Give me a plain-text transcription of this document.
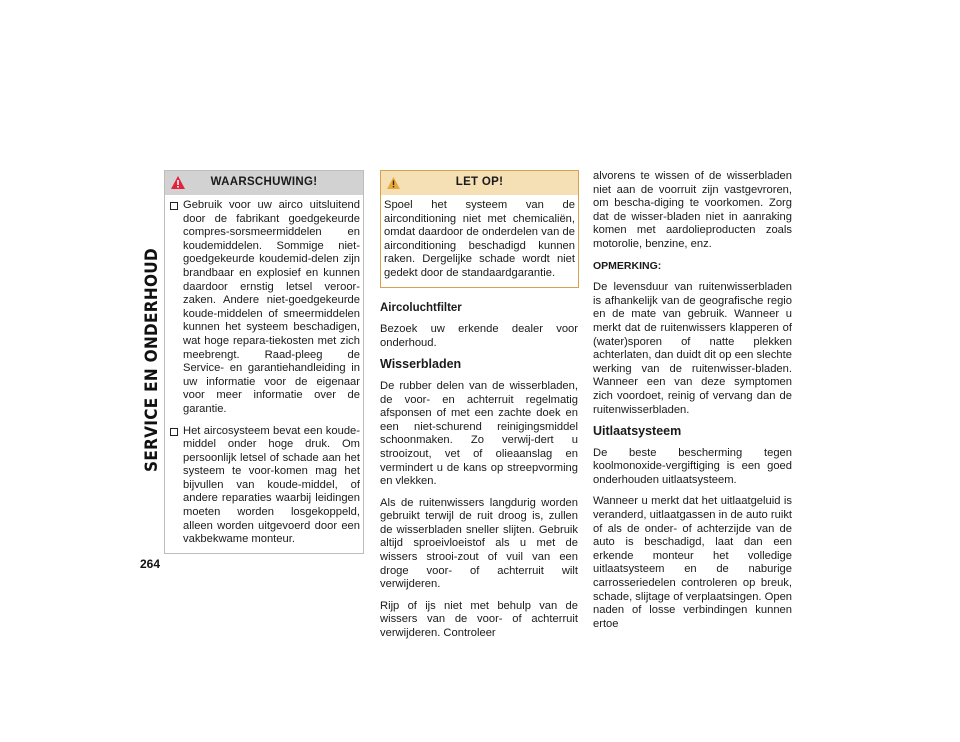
SERVICE EN ONDERHOUD
264
WAARSCHUWING!
Gebruik voor uw airco uitsluitend door de fabrikant goedgekeurde compres-sorsmeermiddelen en koudemiddelen. Sommige niet-goedgekeurde koudemid-delen zijn brandbaar en explosief en kunnen daardoor ernstig letsel veroor-zaken. Andere niet-goedgekeurde koude-middelen of smeermiddelen kunnen het systeem beschadigen, wat hoge repara-tiekosten met zich meebrengt. Raad-pleeg de Service- en garantiehandleiding in uw informatie voor de eigenaar voor meer informatie over de garantie.
Het aircosysteem bevat een koude-middel onder hoge druk. Om persoonlijk letsel of schade aan het systeem te voor-komen mag het bijvullen van koude-middel, of andere reparaties waarbij leidingen moeten worden losgekoppeld, alleen worden uitgevoerd door een vakbekwame monteur.
LET OP!
Spoel het systeem van de airconditioning niet met chemicaliën, omdat daardoor de onderdelen van de airconditioning beschadigd kunnen raken. Dergelijke schade wordt niet gedekt door de standaardgarantie.

Aircoluchtfilter

Bezoek uw erkende dealer voor onderhoud.

Wisserbladen

De rubber delen van de wisserbladen, de voor- en achterruit regelmatig afsponsen of met een zachte doek en een niet-schurend reinigingsmiddel schoonmaken. Zo verwij-dert u strooizout, vet of olieaanslag en vermindert u de kans op streepvorming en vlekken.

Als de ruitenwissers langdurig worden gebruikt terwijl de ruit droog is, zullen de wisserbladen sneller slijten. Gebruik altijd sproeivloeistof als u met de wissers strooi-zout of vuil van een droge voor- of achterruit wilt verwijderen.

Rijp of ijs niet met behulp van de wissers van de voor- of achterruit verwijderen. Controleer

alvorens te wissen of de wisserbladen niet aan de voorruit zijn vastgevroren, om bescha-diging te voorkomen. Zorg dat de wisser-bladen niet in aanraking komen met aardolieproducten zoals motorolie, benzine, enz.

OPMERKING:

De levensduur van ruitenwisserbladen is afhankelijk van de geografische regio en de mate van gebruik. Wanneer u merkt dat de ruitenwissers klapperen of (water)sporen of natte plekken achterlaten, dan duidt dit op een slechte werking van de ruitenwisser-bladen. Wanneer een van deze symptomen zich voordoet, reinig of vervang dan de ruitenwisserbladen.

Uitlaatsysteem

De beste bescherming tegen koolmonoxide-vergiftiging is een goed onderhouden uitlaatsysteem.

Wanneer u merkt dat het uitlaatgeluid is veranderd, uitlaatgassen in de auto ruikt of als de onder- of achterzijde van de auto is beschadigd, laat dan een erkende monteur het volledige uitlaatsysteem en de naburige carrosseriedelen controleren op breuk, schade, slijtage of verplaatsingen. Open naden of losse verbindingen kunnen ertoe
